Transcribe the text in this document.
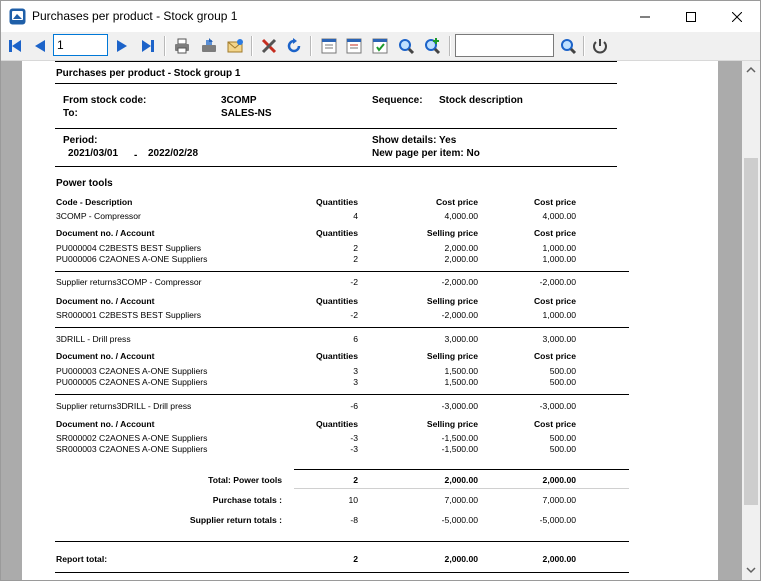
Purchases per product - Stock group 1
1
Purchases per product - Stock group 1
From stock code:	3COMP	Sequence: Stock description
To:	SALES-NS
Period:
2021/03/01 - 2022/02/28
Show details: Yes
New page per item: No
Power tools
Code - Description	Quantities	Cost price	Cost price
3COMP - Compressor	4	4,000.00	4,000.00
Document no. / Account	Quantities	Selling price	Cost price
PU000004 C2BESTS BEST Suppliers	2	2,000.00	1,000.00
PU000006 C2AONES A-ONE Suppliers	2	2,000.00	1,000.00
Supplier returns3COMP - Compressor	-2	-2,000.00	-2,000.00
Document no. / Account	Quantities	Selling price	Cost price
SR000001 C2BESTS BEST Suppliers	-2	-2,000.00	1,000.00
3DRILL - Drill press	6	3,000.00	3,000.00
Document no. / Account	Quantities	Selling price	Cost price
PU000003 C2AONES A-ONE Suppliers	3	1,500.00	500.00
PU000005 C2AONES A-ONE Suppliers	3	1,500.00	500.00
Supplier returns3DRILL - Drill press	-6	-3,000.00	-3,000.00
Document no. / Account	Quantities	Selling price	Cost price
SR000002 C2AONES A-ONE Suppliers	-3	-1,500.00	500.00
SR000003 C2AONES A-ONE Suppliers	-3	-1,500.00	500.00
Total: Power tools	2	2,000.00	2,000.00
Purchase totals :	10	7,000.00	7,000.00
Supplier return totals :	-8	-5,000.00	-5,000.00
Report total:	2	2,000.00	2,000.00
